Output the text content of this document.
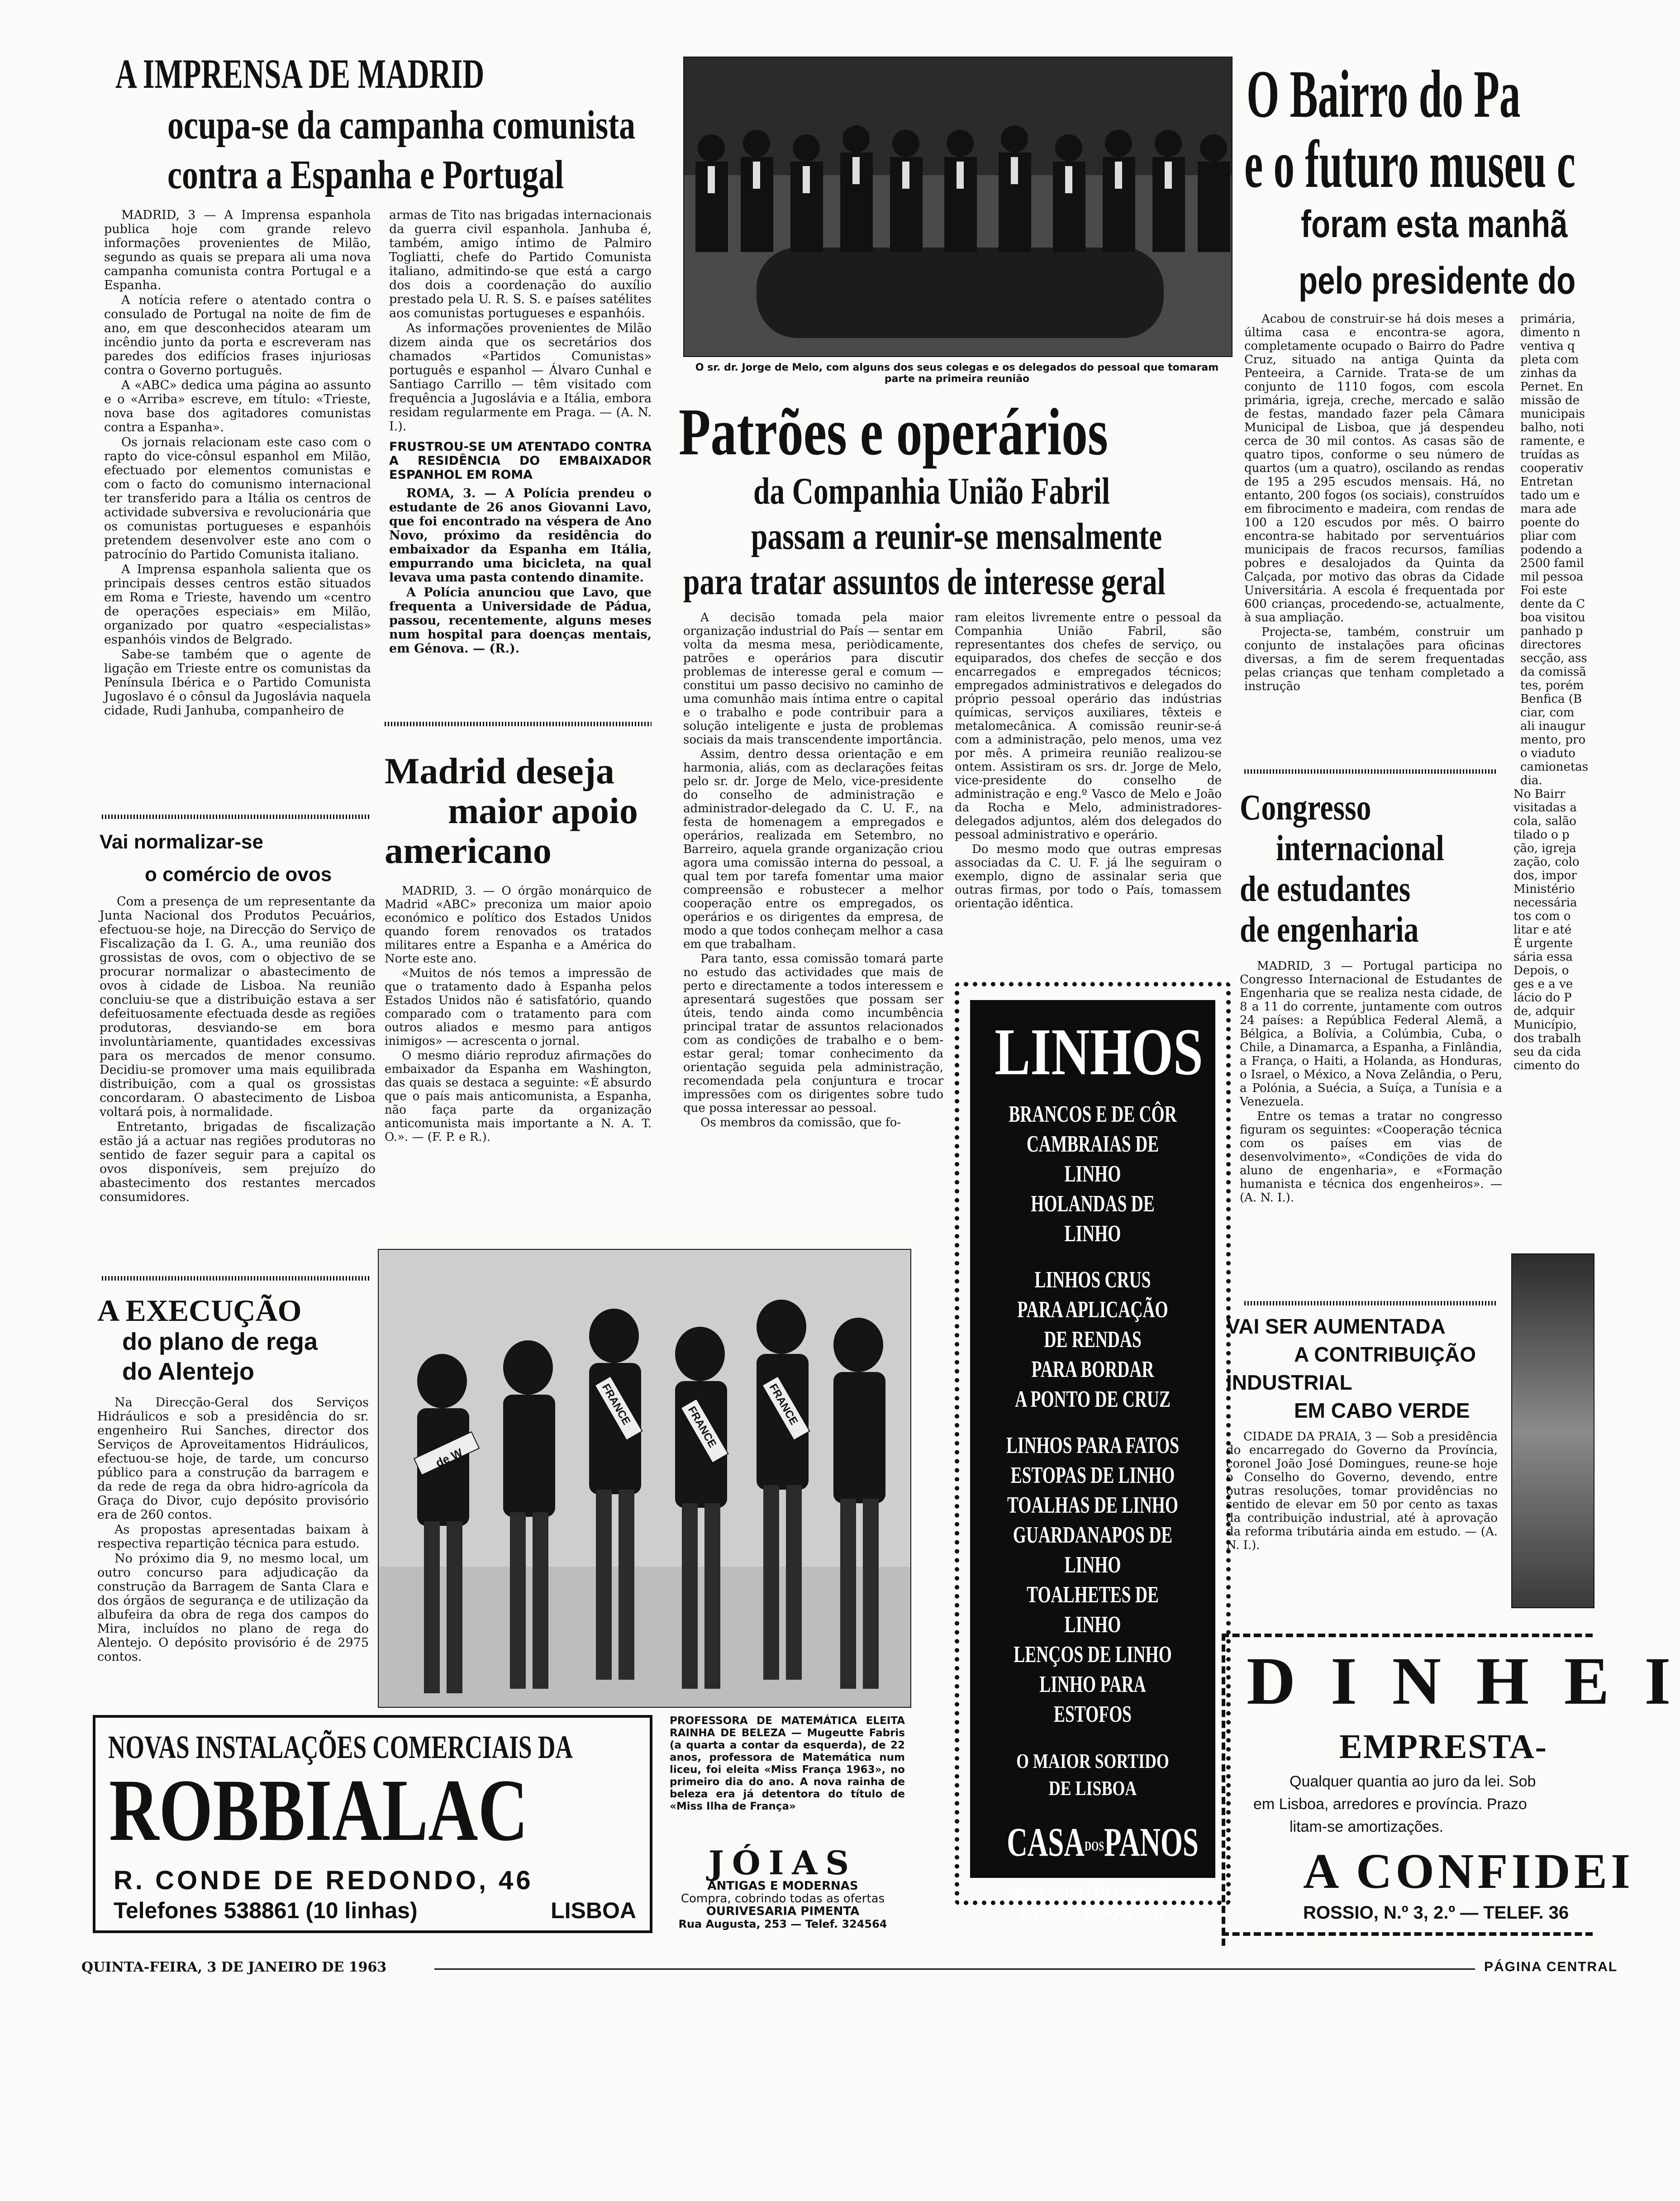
A IMPRENSA DE MADRID
ocupa-se da campanha comunista
contra a Espanha e Portugal

MADRID, 3 — A Imprensa espanhola publica hoje com grande relevo informações provenientes de Milão, segundo as quais se prepara ali uma nova campanha comunista contra Portugal e a Espanha.

A notícia refere o atentado contra o consulado de Portugal na noite de fim de ano, em que desconhecidos atearam um incêndio junto da porta e escreveram nas paredes dos edifícios frases injuriosas contra o Governo português.

A «ABC» dedica uma página ao assunto e o «Arriba» escreve, em título: «Trieste, nova base dos agitadores comunistas contra a Espanha».

Os jornais relacionam este caso com o rapto do vice-cônsul espanhol em Milão, efectuado por elementos comunistas e com o facto do comunismo internacional ter transferido para a Itália os centros de actividade subversiva e revolucionária que os comunistas portugueses e espanhóis pretendem desenvolver este ano com o patrocínio do Partido Comunista italiano.

A Imprensa espanhola salienta que os principais desses centros estão situados em Roma e Trieste, havendo um «centro de operações especiais» em Milão, organizado por quatro «especialistas» espanhóis vindos de Belgrado.

Sabe-se também que o agente de ligação em Trieste entre os comunistas da Península Ibérica e o Partido Comunista Jugoslavo é o cônsul da Jugoslávia naquela cidade, Rudi Janhuba, companheiro de

armas de Tito nas brigadas internacionais da guerra civil espanhola. Janhuba é, também, amigo íntimo de Palmiro Togliatti, chefe do Partido Comunista italiano, admitindo-se que está a cargo dos dois a coordenação do auxílio prestado pela U. R. S. S. e países satélites aos comunistas portugueses e espanhóis.

As informações provenientes de Milão dizem ainda que os secretários dos chamados «Partidos Comunistas» português e espanhol — Álvaro Cunhal e Santiago Carrillo — têm visitado com frequência a Jugoslávia e a Itália, embora residam regularmente em Praga. — (A. N. I.).

FRUSTROU-SE UM ATENTADO CONTRA A RESIDÊNCIA DO EMBAIXADOR ESPANHOL EM ROMA

ROMA, 3. — A Polícia prendeu o estudante de 26 anos Giovanni Lavo, que foi encontrado na véspera de Ano Novo, próximo da residência do embaixador da Espanha em Itália, empurrando uma bicicleta, na qual levava uma pasta contendo dinamite.

A Polícia anunciou que Lavo, que frequenta a Universidade de Pádua, passou, recentemente, alguns meses num hospital para doenças mentais, em Génova. — (R.).

Vai normalizar-se
o comércio de ovos

Com a presença de um representante da Junta Nacional dos Produtos Pecuários, efectuou-se hoje, na Direcção do Serviço de Fiscalização da I. G. A., uma reunião dos grossistas de ovos, com o objectivo de se procurar normalizar o abastecimento de ovos à cidade de Lisboa. Na reunião concluiu-se que a distribuição estava a ser defeituosamente efectuada desde as regiões produtoras, desviando-se em bora involuntàriamente, quantidades excessivas para os mercados de menor consumo. Decidiu-se promover uma mais equilibrada distribuição, com a qual os grossistas concordaram. O abastecimento de Lisboa voltará pois, à normalidade.

Entretanto, brigadas de fiscalização estão já a actuar nas regiões produtoras no sentido de fazer seguir para a capital os ovos disponíveis, sem prejuízo do abastecimento dos restantes mercados consumidores.

A EXECUÇÃO
do plano de rega
do Alentejo

Na Direcção-Geral dos Serviços Hidráulicos e sob a presidência do sr. engenheiro Rui Sanches, director dos Serviços de Aproveitamentos Hidráulicos, efectuou-se hoje, de tarde, um concurso público para a construção da barragem e da rede de rega da obra hidro-agrícola da Graça do Divor, cujo depósito provisório era de 260 contos.

As propostas apresentadas baixam à respectiva repartição técnica para estudo.

No próximo dia 9, no mesmo local, um outro concurso para adjudicação da construção da Barragem de Santa Clara e dos órgãos de segurança e de utilização da albufeira da obra de rega dos campos do Mira, incluídos no plano de rega do Alentejo. O depósito provisório é de 2975 contos.

Madrid deseja
maior apoio
americano

MADRID, 3. — O órgão monárquico de Madrid «ABC» preconiza um maior apoio económico e político dos Estados Unidos quando forem renovados os tratados militares entre a Espanha e a América do Norte este ano.

«Muitos de nós temos a impressão de que o tratamento dado à Espanha pelos Estados Unidos não é satisfatório, quando comparado com o tratamento para com outros aliados e mesmo para antigos inimigos» — acrescenta o jornal.

O mesmo diário reproduz afirmações do embaixador da Espanha em Washington, das quais se destaca a seguinte: «É absurdo que o país mais anticomunista, a Espanha, não faça parte da organização anticomunista mais importante a N. A. T. O.». — (F. P. e R.).

O sr. dr. Jorge de Melo, com alguns dos seus colegas e os delegados do pessoal que tomaram parte na primeira reunião

Patrões e operários
da Companhia União Fabril
passam a reunir-se mensalmente
para tratar assuntos de interesse geral

A decisão tomada pela maior organização industrial do País — sentar em volta da mesma mesa, periòdicamente, patrões e operários para discutir problemas de interesse geral e comum — constitui um passo decisivo no caminho de uma comunhão mais íntima entre o capital e o trabalho e pode contribuir para a solução inteligente e justa de problemas sociais da mais transcendente importância.

Assim, dentro dessa orientação e em harmonia, aliás, com as declarações feitas pelo sr. dr. Jorge de Melo, vice-presidente do conselho de administração e administrador-delegado da C. U. F., na festa de homenagem a empregados e operários, realizada em Setembro, no Barreiro, aquela grande organização criou agora uma comissão interna do pessoal, a qual tem por tarefa fomentar uma maior compreensão e robustecer a melhor cooperação entre os empregados, os operários e os dirigentes da empresa, de modo a que todos conheçam melhor a casa em que trabalham.

Para tanto, essa comissão tomará parte no estudo das actividades que mais de perto e directamente a todos interessem e apresentará sugestões que possam ser úteis, tendo ainda como incumbência principal tratar de assuntos relacionados com as condições de trabalho e o bem-estar geral; tomar conhecimento da orientação seguida pela administração, recomendada pela conjuntura e trocar impressões com os dirigentes sobre tudo que possa interessar ao pessoal.

Os membros da comissão, que fo-

ram eleitos livremente entre o pessoal da Companhia União Fabril, são representantes dos chefes de serviço, ou equiparados, dos chefes de secção e dos encarregados e empregados técnicos; empregados administrativos e delegados do próprio pessoal operário das indústrias químicas, serviços auxiliares, têxteis e metalomecânica. A comissão reunir-se-á com a administração, pelo menos, uma vez por mês. A primeira reunião realizou-se ontem. Assistiram os srs. dr. Jorge de Melo, vice-presidente do conselho de administração e eng.º Vasco de Melo e João da Rocha e Melo, administradores-delegados adjuntos, além dos delegados do pessoal administrativo e operário.

Do mesmo modo que outras empresas associadas da C. U. F. já lhe seguiram o exemplo, digno de assinalar seria que outras firmas, por todo o País, tomassem orientação idêntica.

de W
FRANCE	FRANCE	FRANCE

PROFESSORA DE MATEMÁTICA ELEITA RAINHA DE BELEZA — Mugeutte Fabris (a quarta a contar da esquerda), de 22 anos, professora de Matemática num liceu, foi eleita «Miss França 1963», no primeiro dia do ano. A nova rainha de beleza era já detentora do título de «Miss Ilha de França»

NOVAS INSTALAÇÕES COMERCIAIS DA
ROBBIALAC
R. CONDE DE REDONDO, 46
Telefones 538861 (10 linhas)	LISBOA
JÓIAS
ANTIGAS E MODERNAS
Compra, cobrindo todas as ofertas
OURIVESARIA PIMENTA
Rua Augusta, 253 — Telef. 324564
LINHOS
BRANCOS E DE CÔR
CAMBRAIAS DE LINHO
HOLANDAS DE LINHO
LINHOS CRUS
PARA APLICAÇÃO
DE RENDAS
PARA BORDAR
A PONTO DE CRUZ
LINHOS PARA FATOS
ESTOPAS DE LINHO
TOALHAS DE LINHO
GUARDANAPOS DE
LINHO
TOALHETES DE LINHO
LENÇOS DE LINHO
LINHO PARA ESTOFOS
O MAIOR SORTIDO
DE LISBOA
CASADOSPANOS
R. DE S. JULIÃO-ESQUINA
DA R. DOS FANQUEIROS
O Bairro do Pa
e o futuro museu c
foram esta manhã
pelo presidente do

Acabou de construir-se há dois meses a última casa e encontra-se agora, completamente ocupado o Bairro do Padre Cruz, situado na antiga Quinta da Penteeira, a Carnide. Trata-se de um conjunto de 1110 fogos, com escola primária, igreja, creche, mercado e salão de festas, mandado fazer pela Câmara Municipal de Lisboa, que já despendeu cerca de 30 mil contos. As casas são de quatro tipos, conforme o seu número de quartos (um a quatro), oscilando as rendas de 195 a 295 escudos mensais. Há, no entanto, 200 fogos (os sociais), construídos em fibrocimento e madeira, com rendas de 100 a 120 escudos por mês. O bairro encontra-se habitado por serventuários municipais de fracos recursos, famílias pobres e desalojados da Quinta da Calçada, por motivo das obras da Cidade Universitária. A escola é frequentada por 600 crianças, procedendo-se, actualmente, à sua ampliação.

Projecta-se, também, construir um conjunto de instalações para oficinas diversas, a fim de serem frequentadas pelas crianças que tenham completado a instrução

primária,
dimento n
ventiva q
pleta com
zinhas da
Pernet. En
missão de
municipais
balho, noti
ramente, e
truídas as
cooperativ
Entretan
tado um e
mara ade
poente do
pliar com
podendo a
2500 famil
mil pessoa
Foi este
dente da C
boa visitou
panhado p
directores
secção, ass
da comissã
tes, porém
Benfica (B
ciar, com
ali inaugur
mento, pro
o viaduto
camionetas
dia.
Congresso
internacional
de estudantes
de engenharia

MADRID, 3 — Portugal participa no Congresso Internacional de Estudantes de Engenharia que se realiza nesta cidade, de 8 a 11 do corrente, juntamente com outros 24 países: a República Federal Alemã, a Bélgica, a Bolívia, a Colúmbia, Cuba, o Chile, a Dinamarca, a Espanha, a Finlândia, a França, o Haiti, a Holanda, as Honduras, o Israel, o México, a Nova Zelândia, o Peru, a Polónia, a Suécia, a Suíça, a Tunísia e a Venezuela.

Entre os temas a tratar no congresso figuram os seguintes: «Cooperação técnica com os países em vias de desenvolvimento», «Condições de vida do aluno de engenharia», e «Formação humanista e técnica dos engenheiros». — (A. N. I.).

VAI SER AUMENTADA
A CONTRIBUIÇÃO
INDUSTRIAL
EM CABO VERDE

CIDADE DA PRAIA, 3 — Sob a presidência do encarregado do Governo da Província, coronel João José Domingues, reune-se hoje o Conselho do Governo, devendo, entre outras resoluções, tomar providências no sentido de elevar em 50 por cento as taxas da contribuição industrial, até à aprovação da reforma tributária ainda em estudo. — (A. N. I.).

No Bairr
visitadas a
cola, salão
tilado o p
ção, igreja
zação, colo
dos, impor
Ministério
necessária
tos com o
litar e até
É urgente
sária essa
Depois, o
ges e a ve
lácio do P
de, adquir
Município,
dos trabalh
seu da cida
cimento do
D I N H E I
EMPRESTA-
Qualquer quantia ao juro da lei. Sob
em Lisboa, arredores e província. Prazo
litam-se amortizações.
A CONFIDEI
ROSSIO, N.º 3, 2.º — TELEF. 36
QUINTA-FEIRA, 3 DE JANEIRO DE 1963	PÁGINA CENTRAL
